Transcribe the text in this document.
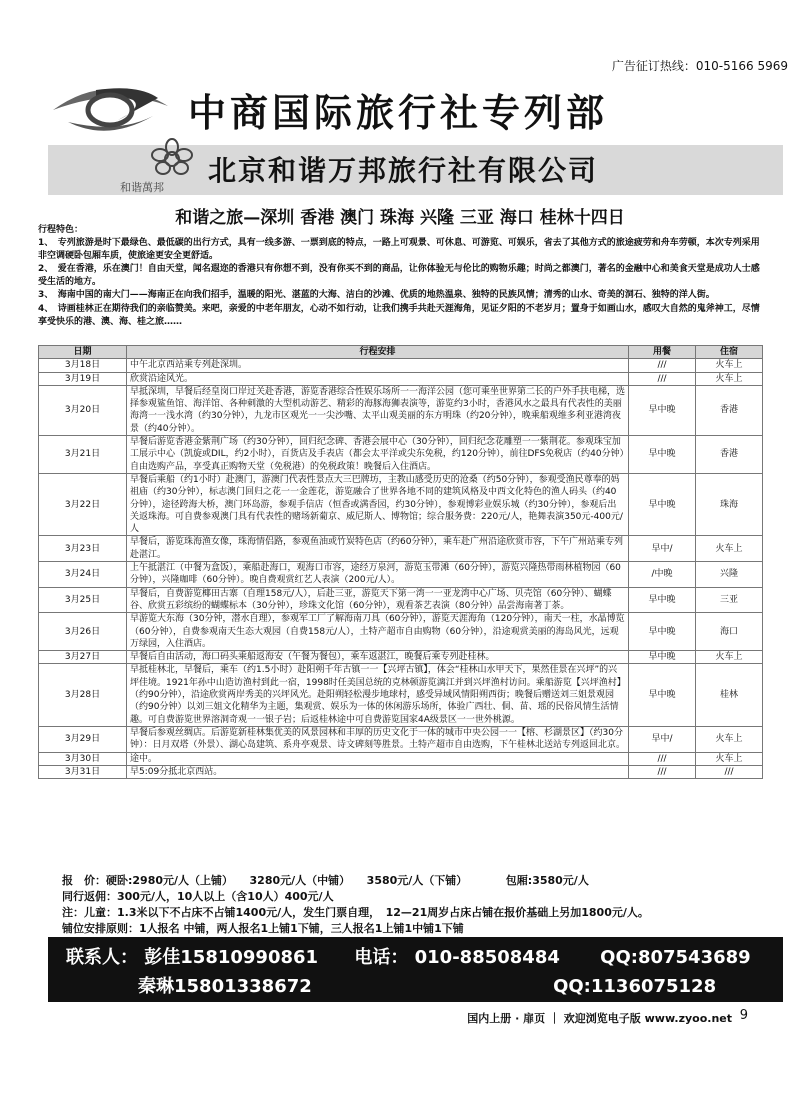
广告征订热线：010-5166 5969
中商国际旅行社专列部
和谐萬邦
北京和谐万邦旅行社有限公司
和谐之旅—深圳 香港 澳门 珠海 兴隆 三亚 海口 桂林十四日

行程特色：

1、　专列旅游是时下最绿色、最低碳的出行方式，具有一线多游、一票到底的特点，一路上可观景、可休息、可游览、可娱乐，省去了其他方式的旅途疲劳和舟车劳顿，本次专列采用非空调硬卧包厢车质，使旅途更安全更舒适。

2、　爱在香港，乐在澳门！自由天堂，闻名遐迩的香港只有你想不到，没有你买不到的商品，让你体验无与伦比的购物乐趣；时尚之都澳门，著名的金融中心和美食天堂是成功人士感受生活的地方。

3、　海南中国的南大门——海南正在向我们招手，温暖的阳光、湛蓝的大海、洁白的沙滩、优质的地热温泉、独特的民族风情；清秀的山水、奇美的洞石、独特的洋人街。

4、　诗画桂林正在期待我们的亲临赞美。来吧，亲爱的中老年朋友，心动不如行动，让我们携手共赴天涯海角，见证夕阳的不老岁月；置身于如画山水，感叹大自然的鬼斧神工，尽情享受快乐的港、澳、海、桂之旅……

日期	行程安排	用餐	住宿
3月18日	中午北京西站乘专列赴深圳。	///	火车上
3月19日	欣赏沿途风光。	///	火车上
3月20日	早抵深圳，早餐后经皇岗口岸过关赴香港，游览香港综合性娱乐场所一一海洋公园（您可乘坐世界第二长的户外手扶电梯，选择参观鲨鱼馆、海洋馆、各种刺激的大型机动游艺、精彩的海豚海狮表演等，游览约3小时，香港风水之最具有代表性的美丽海湾一一浅水湾（约30分钟），九龙市区观光一一尖沙嘴、太平山观美丽的东方明珠（约20分钟），晚乘船观维多利亚港湾夜景（约40分钟）。	早中晚	香港
3月21日	早餐后游览香港金紫荆广场（约30分钟），回归纪念碑、香港会展中心（30分钟），回归纪念花雕塑一一紫荆花。参观珠宝加工展示中心（凯旋或DIL，约2小时），百货店及手表店（都会太平洋或尖东免税，约120分钟），前往DFS免税店（约40分钟）自由选购产品，享受真正购物天堂（免税港）的免税政策！晚餐后入住酒店。	早中晚	香港
3月22日	早餐后乘船（约1小时）赴澳门，游澳门代表性景点大三巴牌坊，主教山感受历史的沧桑（约50分钟），参观受渔民尊奉的妈祖庙（约30分钟），标志澳门回归之花一一金莲花，游览融合了世界各地不同的建筑风格及中西文化特色的渔人码头（约40分钟），途径跨海大桥，澳门环岛游，参观手信店（恒香或满香园，约30分钟），参观博彩业娱乐城（约30分钟），参观后出关返珠海。可自费参观澳门具有代表性的赌场新葡京、威尼斯人、博物馆；综合服务费：220元/人，艳舞表演350元-400元/人	早中晚	珠海
3月23日	早餐后，游览珠海渔女像，珠海情侣路，参观鱼油或竹炭特色店（约60分钟），乘车赴广州沿途欣赏市容，下午广州站乘专列赴湛江。	早中/	火车上
3月24日	上午抵湛江（中餐为盒饭），乘船赴海口，观海口市容，途经万泉河，游览玉带滩（60分钟），游览兴隆热带雨林植物园（60分钟），兴隆咖啡（60分钟）。晚自费观赏红艺人表演（200元/人）。	/中晚	兴隆
3月25日	早餐后，自费游览椰田古寨（自理158元/人），后赴三亚，游览天下第一湾一一亚龙湾中心广场、贝壳馆（60分钟）、蝴蝶谷、欣赏五彩缤纷的蝴蝶标本（30分钟），珍珠文化馆（60分钟），观看茶艺表演（80分钟）品尝海南著丁茶。	早中晚	三亚
3月26日	早游览大东海（30分钟，潜水自理），参观军工厂了解海南刀具（60分钟），游览天涯海角（120分钟），南天一柱，水晶博览（60分钟），自费参观南天生态大观园（自费158元/人），土特产超市自由购物（60分钟），沿途观赏美丽的海岛风光，远观万绿园，入住酒店。	早中晚	海口
3月27日	早餐后自由活动，海口码头乘船返海安（午餐为餐包），乘车返湛江，晚餐后乘专列赴桂林。	早中晚	火车上
3月28日	早抵桂林北，早餐后，乘车（约1.5小时）赴阳朔千年古镇一一【兴坪古镇】，体会“桂林山水甲天下，果然佳景在兴坪”的兴坪佳境。1921年孙中山造访渔村到此一宿，1998时任美国总统的克林顿游览漓江并到兴坪渔村访问。乘船游览【兴坪渔村】（约90分钟），沿途欣赏两岸秀美的兴坪风光。赴阳朔轻松漫步地球村，感受异域风情阳朔西街；晚餐后赠送刘三姐景观园（约90分钟）以刘三姐文化精华为主题，集观赏、娱乐为一体的休闲游乐场所，体验广西壮、侗、苗、瑶的民俗风情生活情趣。可自费游览世界溶洞奇观一一银子岩；后返桂林途中可自费游览国家4A级景区一一世外桃源。	早中晚	桂林
3月29日	早餐后参观丝绸店。后游览新桂林集优美的风景园林和丰厚的历史文化于一体的城市中央公园一一【榕、杉湖景区】（约30分钟）：日月双塔（外景）、湖心岛建筑、系舟亭观景、诗文碑刻等胜景。土特产超市自由选购，下午桂林北送站专列返回北京。	早中/	火车上
3月30日	途中。	///	火车上
3月31日	早5:09分抵北京西站。	///	///

报　价：硬卧:2980元/人（上铺）　　3280元/人（中铺）　　3580元/人（下铺）　　　　包厢:3580元/人

同行返佣：300元/人，10人以上（含10人）400元/人

注：儿童：1.3米以下不占床不占铺1400元/人，发生门票自理，　12—21周岁占床占铺在报价基础上另加1800元/人。

铺位安排原则：1人报名 中铺，两人报名1上铺1下铺，三人报名1上铺1中铺1下铺

联系人： 彭佳15810990861 电话： 010-88508484 QQ:807543689
秦琳15801338672	QQ:1136075128
国内上册 · 扉页 ｜ 欢迎浏览电子版 www.zyoo.net 9
